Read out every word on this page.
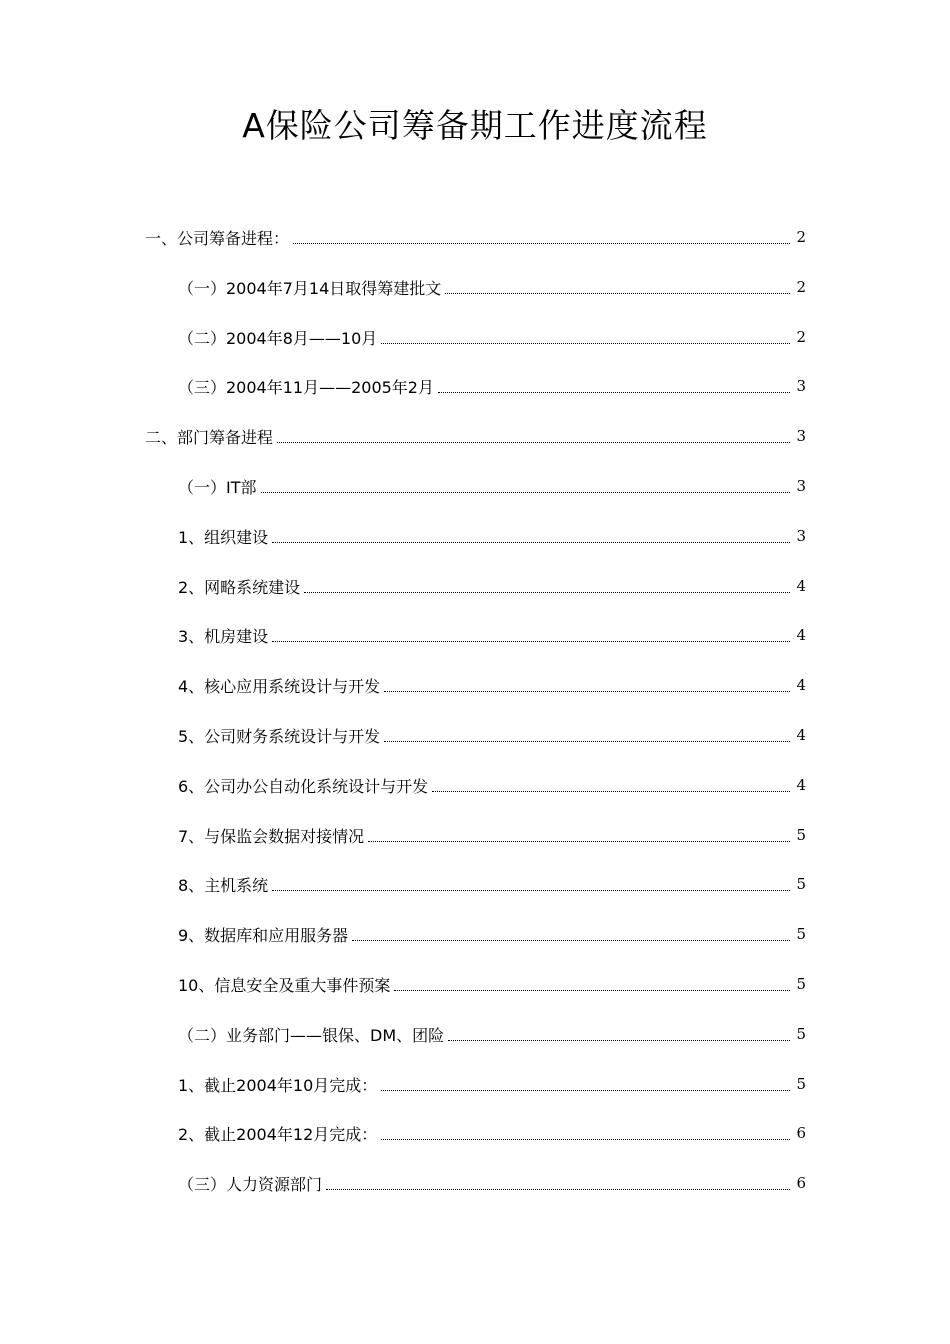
A保险公司筹备期工作进度流程
一、公司筹备进程：	2
（一）2004年7月14日取得筹建批文	2
（二）2004年8月——10月	2
（三）2004年11月——2005年2月	3
二、部门筹备进程	3
（一）IT部	3
1、组织建设	3
2、网略系统建设	4
3、机房建设	4
4、核心应用系统设计与开发	4
5、公司财务系统设计与开发	4
6、公司办公自动化系统设计与开发	4
7、与保监会数据对接情况	5
8、主机系统	5
9、数据库和应用服务器	5
10、信息安全及重大事件预案	5
（二）业务部门——银保、DM、团险	5
1、截止2004年10月完成：	5
2、截止2004年12月完成：	6
（三）人力资源部门	6
